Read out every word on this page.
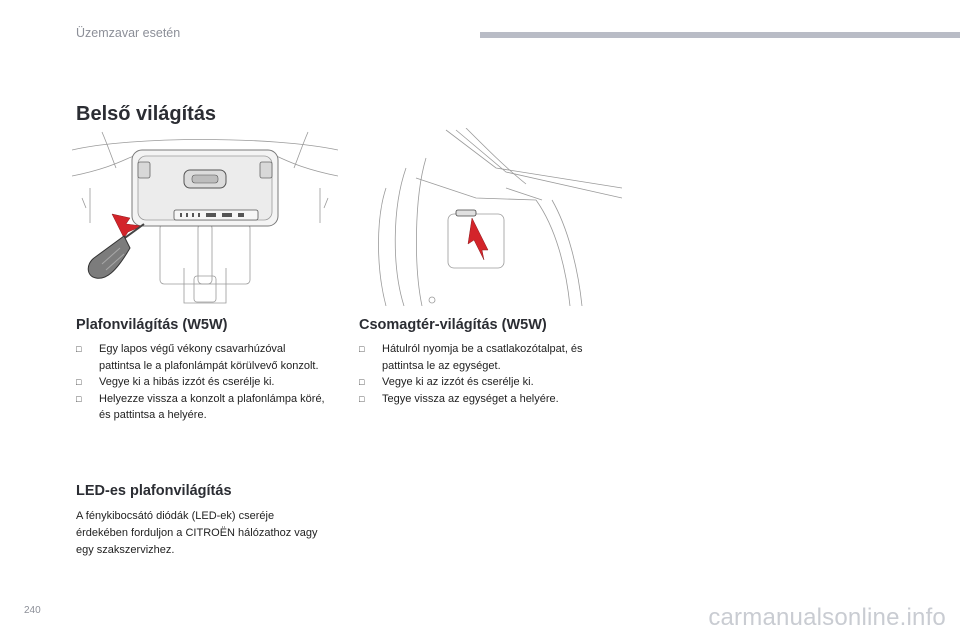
Üzemzavar esetén
Belső világítás
Plafonvilágítás (W5W)
□ Egy lapos végű vékony csavarhúzóval pattintsa le a plafonlámpát körülvevő konzolt.
□ Vegye ki a hibás izzót és cserélje ki.
□ Helyezze vissza a konzolt a plafonlámpa köré, és pattintsa a helyére.
LED-es plafonvilágítás

A fénykibocsátó diódák (LED-ek) cseréje érdekében forduljon a CITROËN hálózathoz vagy egy szakszervizhez.

Csomagtér-világítás (W5W)
□ Hátulról nyomja be a csatlakozótalpat, és pattintsa le az egységet.
□ Vegye ki az izzót és cserélje ki.
□ Tegye vissza az egységet a helyére.
240	carmanualsonline.info
